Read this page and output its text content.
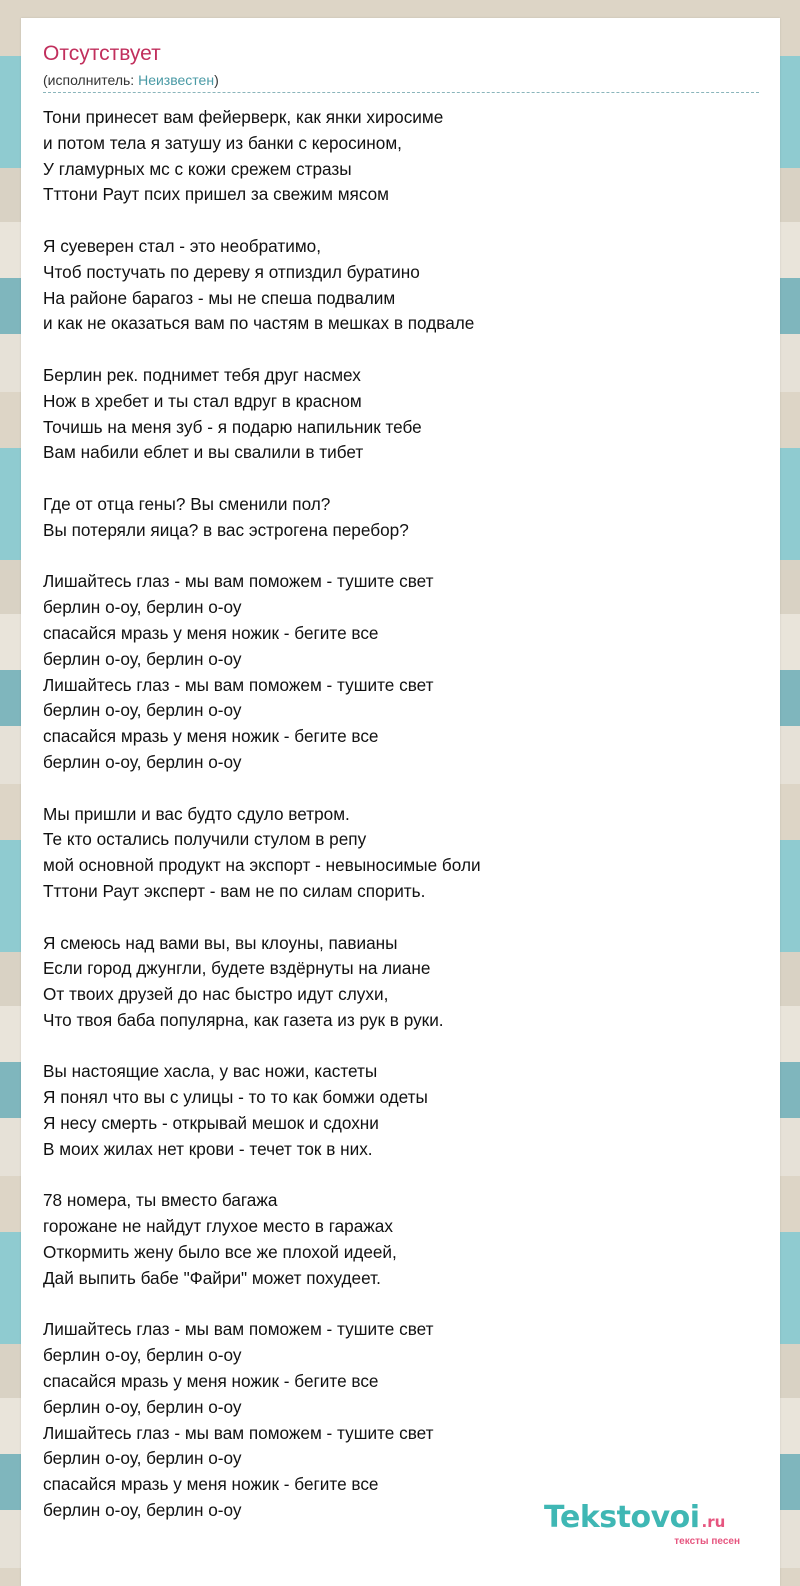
Отсутствует
(исполнитель: Неизвестен)
Тони принесет вам фейерверк, как янки хиросиме
и потом тела я затушу из банки с керосином,
У гламурных мс с кожи срежем стразы
Тттони Раут псих пришел за свежим мясом
Я суеверен стал - это необратимо,
Чтоб постучать по дереву я отпиздил буратино
На районе барагоз - мы не спеша подвалим
и как не оказаться вам по частям в мешках в подвале
Берлин рек. поднимет тебя друг насмех
Нож в хребет и ты стал вдруг в красном
Точишь на меня зуб - я подарю напильник тебе
Вам набили еблет и вы свалили в тибет
Где от отца гены? Вы сменили пол?
Вы потеряли яица? в вас эстрогена перебор?
Лишайтесь глаз - мы вам поможем - тушите свет
берлин о-оу, берлин о-оу
спасайся мразь у меня ножик - бегите все
берлин о-оу, берлин о-оу
Лишайтесь глаз - мы вам поможем - тушите свет
берлин о-оу, берлин о-оу
спасайся мразь у меня ножик - бегите все
берлин о-оу, берлин о-оу
Мы пришли и вас будто сдуло ветром.
Те кто остались получили стулом в репу
мой основной продукт на экспорт - невыносимые боли
Тттони Раут эксперт - вам не по силам спорить.
Я смеюсь над вами вы, вы клоуны, павианы
Если город джунгли, будете вздёрнуты на лиане
От твоих друзей до нас быстро идут слухи,
Что твоя баба популярна, как газета из рук в руки.
Вы настоящие хасла, у вас ножи, кастеты
Я понял что вы с улицы - то то как бомжи одеты
Я несу смерть - открывай мешок и сдохни
В моих жилах нет крови - течет ток в них.
78 номера, ты вместо багажа
горожане не найдут глухое место в гаражах
Откормить жену было все же плохой идеей,
Дай выпить бабе "Файри" может похудеет.
Лишайтесь глаз - мы вам поможем - тушите свет
берлин о-оу, берлин о-оу
спасайся мразь у меня ножик - бегите все
берлин о-оу, берлин о-оу
Лишайтесь глаз - мы вам поможем - тушите свет
берлин о-оу, берлин о-оу
спасайся мразь у меня ножик - бегите все
берлин о-оу, берлин о-оу	Tekstovoi .ru
тексты песен
